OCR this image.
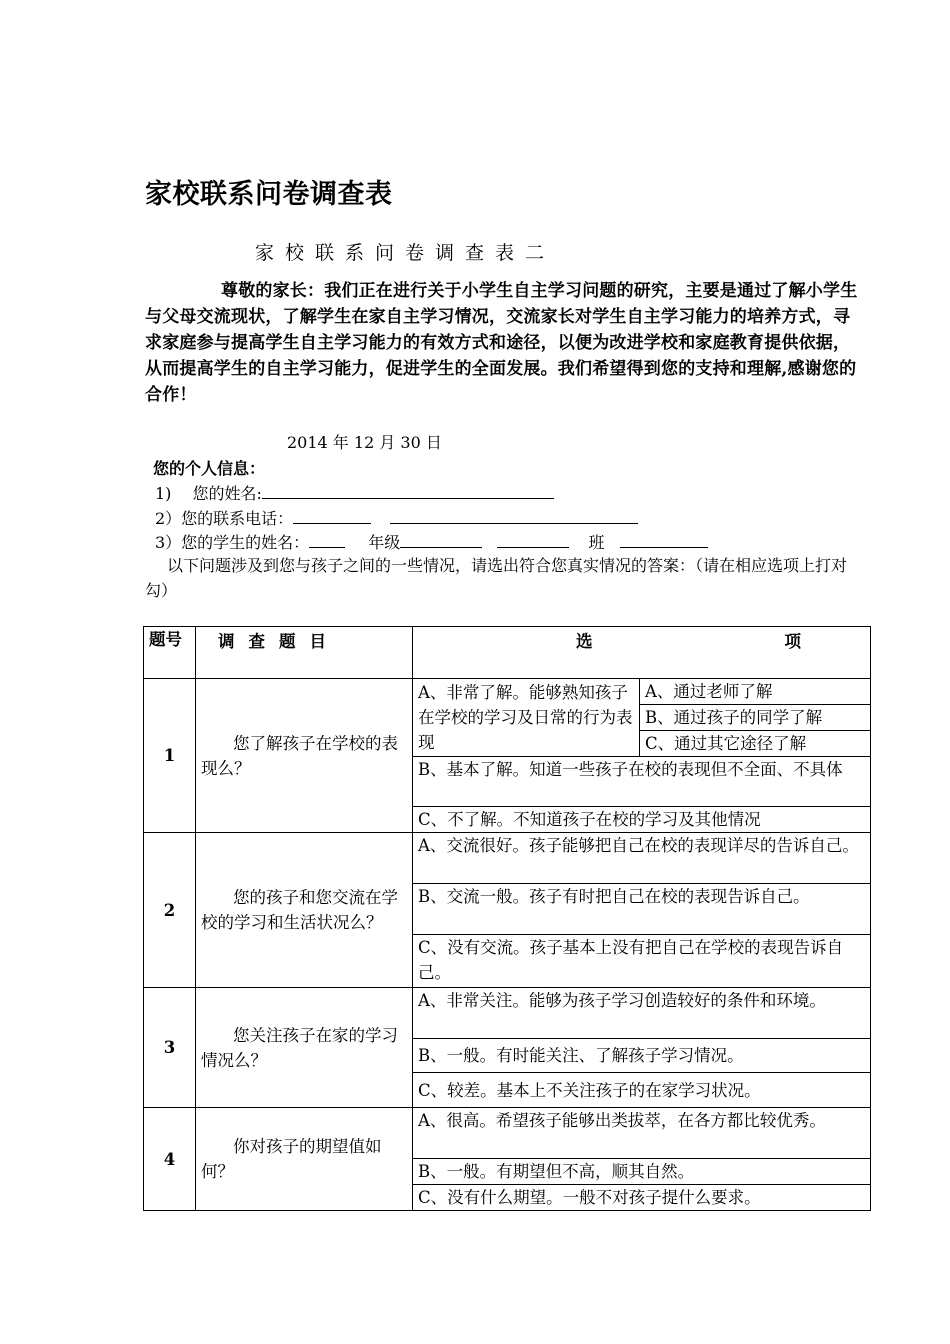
家校联系问卷调查表
家校联系问卷调查表二

尊敬的家长：我们正在进行关于小学生自主学习问题的研究，主要是通过了解小学生与父母交流现状，了解学生在家自主学习情况，交流家长对学生自主学习能力的培养方式，寻求家庭参与提高学生自主学习能力的有效方式和途径，以便为改进学校和家庭教育提供依据，从而提高学生的自主学习能力，促进学生的全面发展。我们希望得到您的支持和理解,感谢您的合作！

2014 年 12 月 30 日
您的个人信息：
1)　 您的姓名:
2）您的联系电话：
3）您的学生的姓名：	年级	班

以下问题涉及到您与孩子之间的一些情况，请选出符合您真实情况的答案：（请在相应选项上打对勾）

题号	调查题目	选 项	
1	您了解孩子在学校的表现么？	A、非常了解。能够熟知孩子在学校的学习及日常的行为表现	A、通过老师了解
			B、通过孩子的同学了解
			C、通过其它途径了解
		B、基本了解。知道一些孩子在校的表现但不全面、不具体	
		C、不了解。不知道孩子在校的学习及其他情况	
2	您的孩子和您交流在学校的学习和生活状况么？	A、交流很好。孩子能够把自己在校的表现详尽的告诉自己。	
		B、交流一般。孩子有时把自己在校的表现告诉自己。	
		C、没有交流。孩子基本上没有把自己在学校的表现告诉自己。	
3	您关注孩子在家的学习情况么？	A、非常关注。能够为孩子学习创造较好的条件和环境。	
		B、一般。有时能关注、了解孩子学习情况。	
		C、较差。基本上不关注孩子的在家学习状况。	
4	你对孩子的期望值如何？	A、很高。希望孩子能够出类拔萃，在各方都比较优秀。	
		B、一般。有期望但不高，顺其自然。	
		C、没有什么期望。一般不对孩子提什么要求。	
